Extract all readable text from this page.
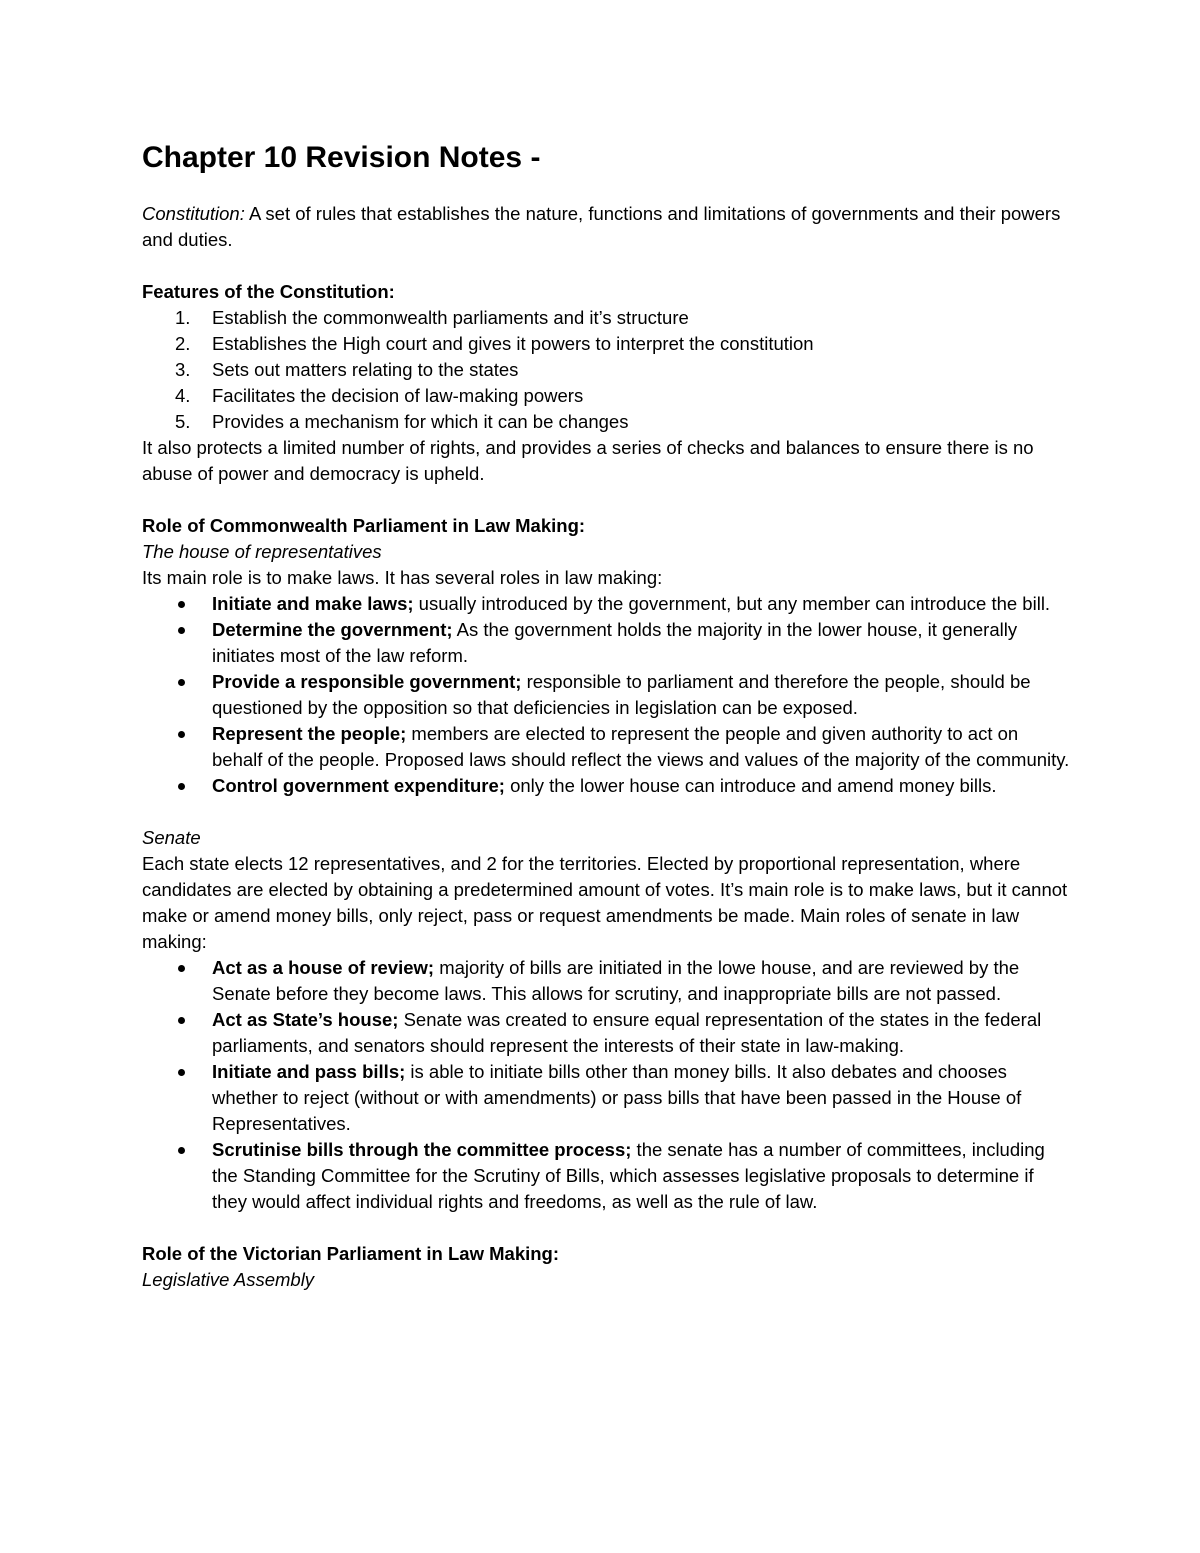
Chapter 10 Revision Notes -

Constitution: A set of rules that establishes the nature, functions and limitations of governments and their powers and duties.

Features of the Constitution:

1. Establish the commonwealth parliaments and it’s structure
2. Establishes the High court and gives it powers to interpret the constitution
3. Sets out matters relating to the states
4. Facilitates the decision of law-making powers
5. Provides a mechanism for which it can be changes

It also protects a limited number of rights, and provides a series of checks and balances to ensure there is no abuse of power and democracy is upheld.

Role of Commonwealth Parliament in Law Making:

The house of representatives

Its main role is to make laws. It has several roles in law making:

Initiate and make laws; usually introduced by the government, but any member can introduce the bill.
Determine the government; As the government holds the majority in the lower house, it generally initiates most of the law reform.
Provide a responsible government; responsible to parliament and therefore the people, should be questioned by the opposition so that deficiencies in legislation can be exposed.
Represent the people; members are elected to represent the people and given authority to act on behalf of the people. Proposed laws should reflect the views and values of the majority of the community.
Control government expenditure; only the lower house can introduce and amend money bills.

Senate

Each state elects 12 representatives, and 2 for the territories. Elected by proportional representation, where candidates are elected by obtaining a predetermined amount of votes. It’s main role is to make laws, but it cannot make or amend money bills, only reject, pass or request amendments be made. Main roles of senate in law making:

Act as a house of review; majority of bills are initiated in the lowe house, and are reviewed by the Senate before they become laws. This allows for scrutiny, and inappropriate bills are not passed.
Act as State’s house; Senate was created to ensure equal representation of the states in the federal parliaments, and senators should represent the interests of their state in law-making.
Initiate and pass bills; is able to initiate bills other than money bills. It also debates and chooses whether to reject (without or with amendments) or pass bills that have been passed in the House of Representatives.
Scrutinise bills through the committee process; the senate has a number of committees, including the Standing Committee for the Scrutiny of Bills, which assesses legislative proposals to determine if they would affect individual rights and freedoms, as well as the rule of law.

Role of the Victorian Parliament in Law Making:

Legislative Assembly
